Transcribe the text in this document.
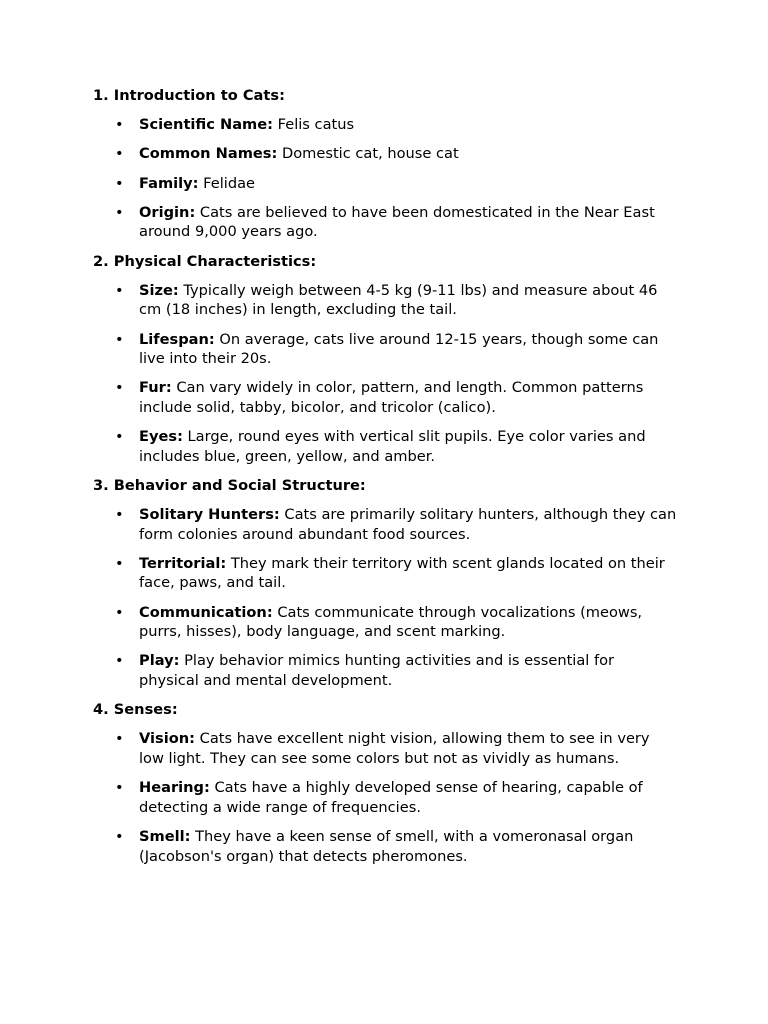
1. Introduction to Cats:
• Scientific Name: Felis catus
• Common Names: Domestic cat, house cat
• Family: Felidae
• Origin: Cats are believed to have been domesticated in the Near East around 9,000 years ago.
2. Physical Characteristics:
• Size: Typically weigh between 4-5 kg (9-11 lbs) and measure about 46 cm (18 inches) in length, excluding the tail.
• Lifespan: On average, cats live around 12-15 years, though some can live into their 20s.
• Fur: Can vary widely in color, pattern, and length. Common patterns include solid, tabby, bicolor, and tricolor (calico).
• Eyes: Large, round eyes with vertical slit pupils. Eye color varies and includes blue, green, yellow, and amber.
3. Behavior and Social Structure:
• Solitary Hunters: Cats are primarily solitary hunters, although they can form colonies around abundant food sources.
• Territorial: They mark their territory with scent glands located on their face, paws, and tail.
• Communication: Cats communicate through vocalizations (meows, purrs, hisses), body language, and scent marking.
• Play: Play behavior mimics hunting activities and is essential for physical and mental development.
4. Senses:
• Vision: Cats have excellent night vision, allowing them to see in very low light. They can see some colors but not as vividly as humans.
• Hearing: Cats have a highly developed sense of hearing, capable of detecting a wide range of frequencies.
• Smell: They have a keen sense of smell, with a vomeronasal organ (Jacobson's organ) that detects pheromones.
